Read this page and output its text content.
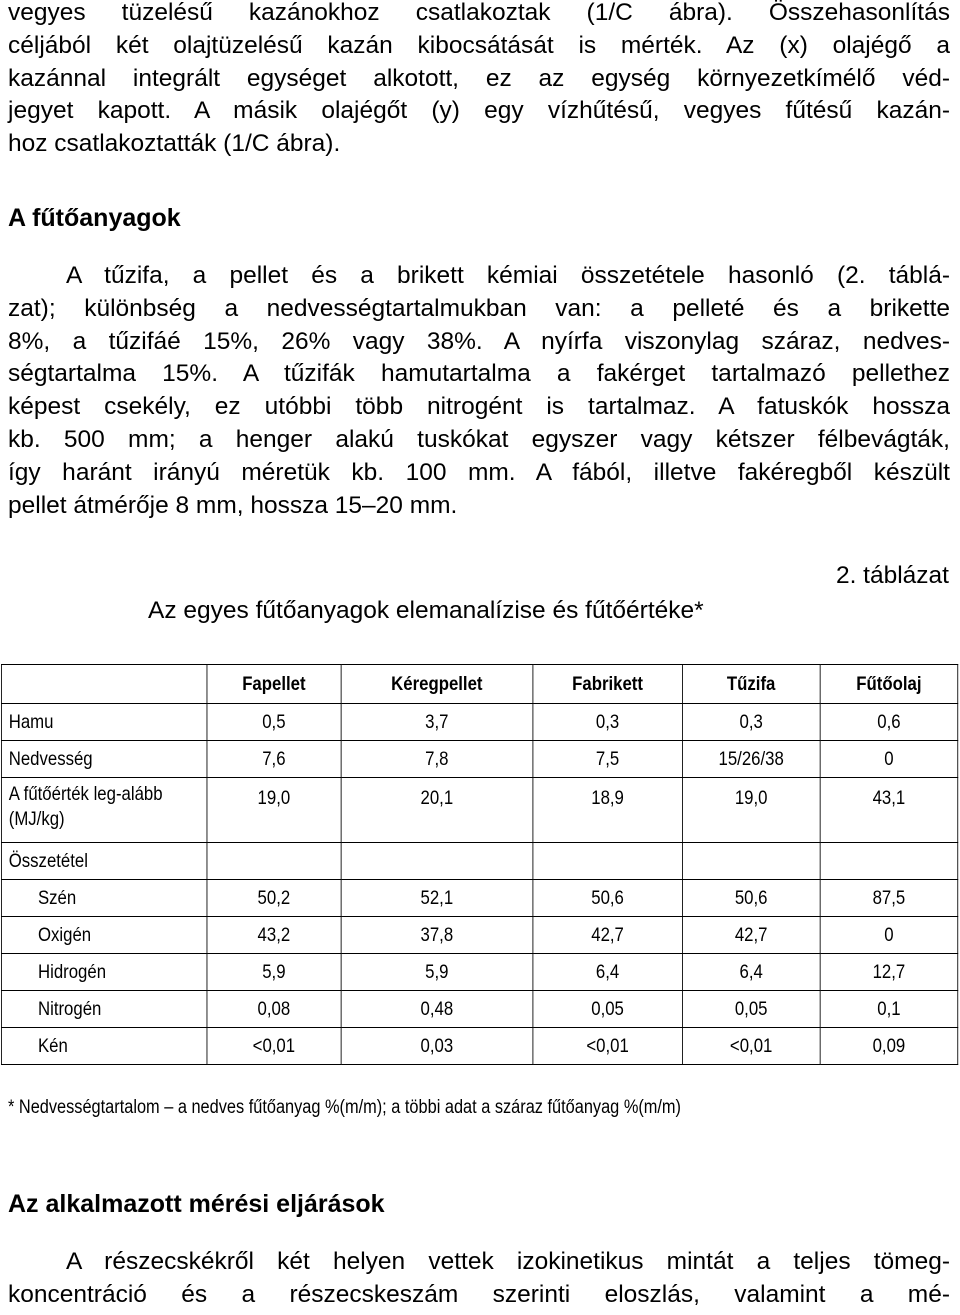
vegyes tüzelésű kazánokhoz csatlakoztak (1/C ábra). Összehasonlítás
céljából két olajtüzelésű kazán kibocsátását is mérték. Az (x) olajégő a
kazánnal integrált egységet alkotott, ez az egység környezetkímélő véd-
jegyet kapott. A másik olajégőt (y) egy vízhűtésű, vegyes fűtésű kazán-
hoz csatlakoztatták (1/C ábra).

A fűtőanyagok

A tűzifa, a pellet és a brikett kémiai összetétele hasonló (2. táblá-
zat); különbség a nedvességtartalmukban van: a pelleté és a brikette
8%, a tűzifáé 15%, 26% vagy 38%. A nyírfa viszonylag száraz, nedves-
ségtartalma 15%. A tűzifák hamutartalma a fakérget tartalmazó pellethez
képest csekély, ez utóbbi több nitrogént is tartalmaz. A fatuskók hossza
kb. 500 mm; a henger alakú tuskókat egyszer vagy kétszer félbevágták,
így haránt irányú méretük kb. 100 mm. A fából, illetve fakéregből készült
pellet átmérője 8 mm, hossza 15–20 mm.

2. táblázat
Az egyes fűtőanyagok elemanalízise és fűtőértéke*
	Fapellet	Kéregpellet	Fabrikett	Tűzifa	Fűtőolaj
Hamu	0,5	3,7	0,3	0,3	0,6
Nedvesség	7,6	7,8	7,5	15/26/38	0
A fűtőérték leg-alább (MJ/kg)	19,0	20,1	18,9	19,0	43,1
Összetétel					
Szén	50,2	52,1	50,6	50,6	87,5
Oxigén	43,2	37,8	42,7	42,7	0
Hidrogén	5,9	5,9	6,4	6,4	12,7
Nitrogén	0,08	0,48	0,05	0,05	0,1
Kén	<0,01	0,03	<0,01	<0,01	0,09
* Nedvességtartalom – a nedves fűtőanyag %(m/m); a többi adat a száraz fűtőanyag %(m/m)
Az alkalmazott mérési eljárások

A részecskékről két helyen vettek izokinetikus mintát a teljes tömeg-
koncentráció és a részecskeszám szerinti eloszlás, valamint a mé-
